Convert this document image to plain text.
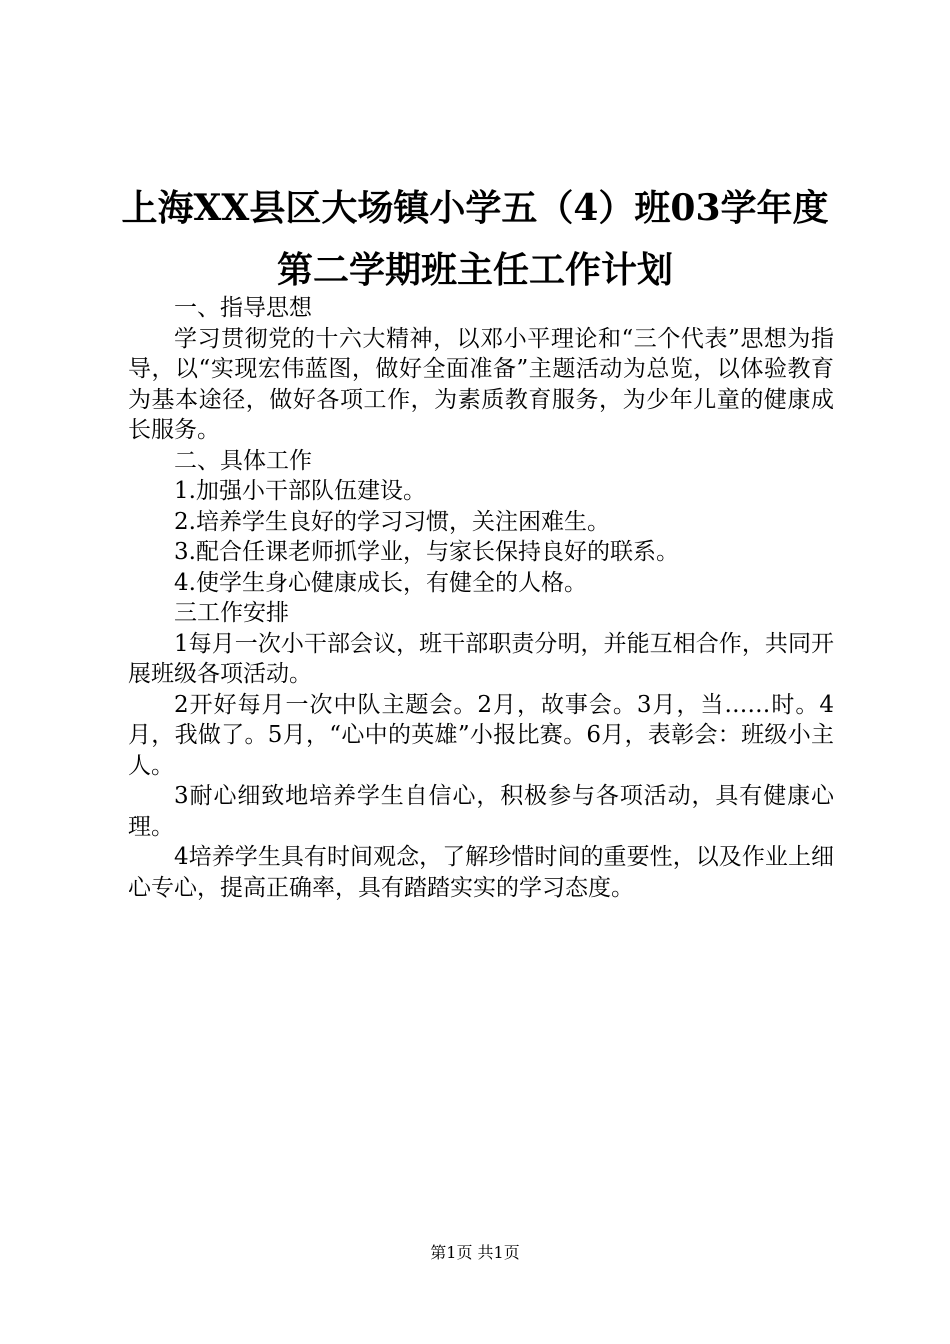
上海XX县区大场镇小学五（4）班03学年度
第二学期班主任工作计划

一、指导思想

学习贯彻党的十六大精神，以邓小平理论和“三个代表”思想为指导，以“实现宏伟蓝图，做好全面准备”主题活动为总览，以体验教育为基本途径，做好各项工作，为素质教育服务，为少年儿童的健康成长服务。

二、具体工作

1.加强小干部队伍建设。

2.培养学生良好的学习习惯，关注困难生。

3.配合任课老师抓学业，与家长保持良好的联系。

4.使学生身心健康成长，有健全的人格。

三工作安排

1每月一次小干部会议，班干部职责分明，并能互相合作，共同开展班级各项活动。

2开好每月一次中队主题会。2月，故事会。3月，当……时。4月，我做了。5月，“心中的英雄”小报比赛。6月，表彰会：班级小主人。

3耐心细致地培养学生自信心，积极参与各项活动，具有健康心理。

4培养学生具有时间观念，了解珍惜时间的重要性，以及作业上细心专心，提高正确率，具有踏踏实实的学习态度。

第1页 共1页
